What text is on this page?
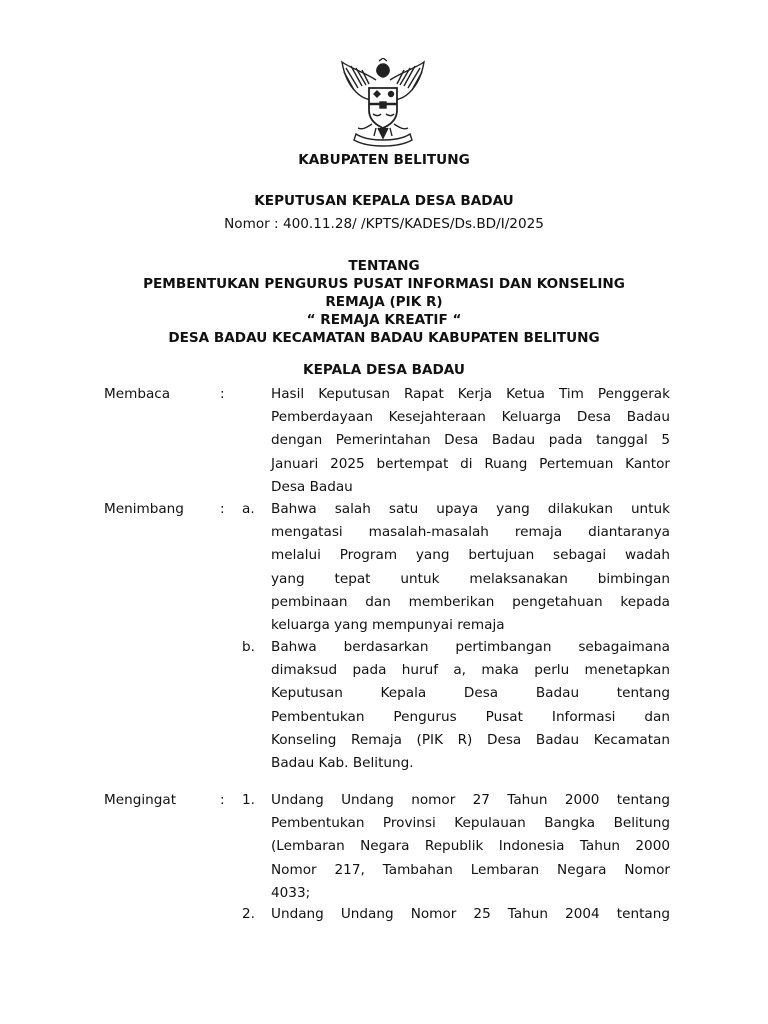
KABUPATEN BELITUNG
KEPUTUSAN KEPALA DESA BADAU
Nomor : 400.11.28/ /KPTS/KADES/Ds.BD/I/2025
TENTANG
PEMBENTUKAN PENGURUS PUSAT INFORMASI DAN KONSELING
REMAJA (PIK R)
“ REMAJA KREATIF “
DESA BADAU KECAMATAN BADAU KABUPATEN BELITUNG
KEPALA DESA BADAU
Membaca	:	Hasil Keputusan Rapat Kerja Ketua Tim Penggerak
Pemberdayaan Kesejahteraan Keluarga Desa Badau
dengan Pemerintahan Desa Badau pada tanggal 5
Januari 2025 bertempat di Ruang Pertemuan Kantor
Desa Badau
Menimbang	: a. Bahwa salah satu upaya yang dilakukan untuk
mengatasi masalah-masalah remaja diantaranya
melalui Program yang bertujuan sebagai wadah
yang tepat untuk melaksanakan bimbingan
pembinaan dan memberikan pengetahuan kepada
keluarga yang mempunyai remaja
b. Bahwa berdasarkan pertimbangan sebagaimana
dimaksud pada huruf a, maka perlu menetapkan
Keputusan Kepala Desa Badau tentang
Pembentukan Pengurus Pusat Informasi dan
Konseling Remaja (PIK R) Desa Badau Kecamatan
Badau Kab. Belitung.
Mengingat	: 1. Undang Undang nomor 27 Tahun 2000 tentang
Pembentukan Provinsi Kepulauan Bangka Belitung
(Lembaran Negara Republik Indonesia Tahun 2000
Nomor 217, Tambahan Lembaran Negara Nomor
4033;
2. Undang Undang Nomor 25 Tahun 2004 tentang
